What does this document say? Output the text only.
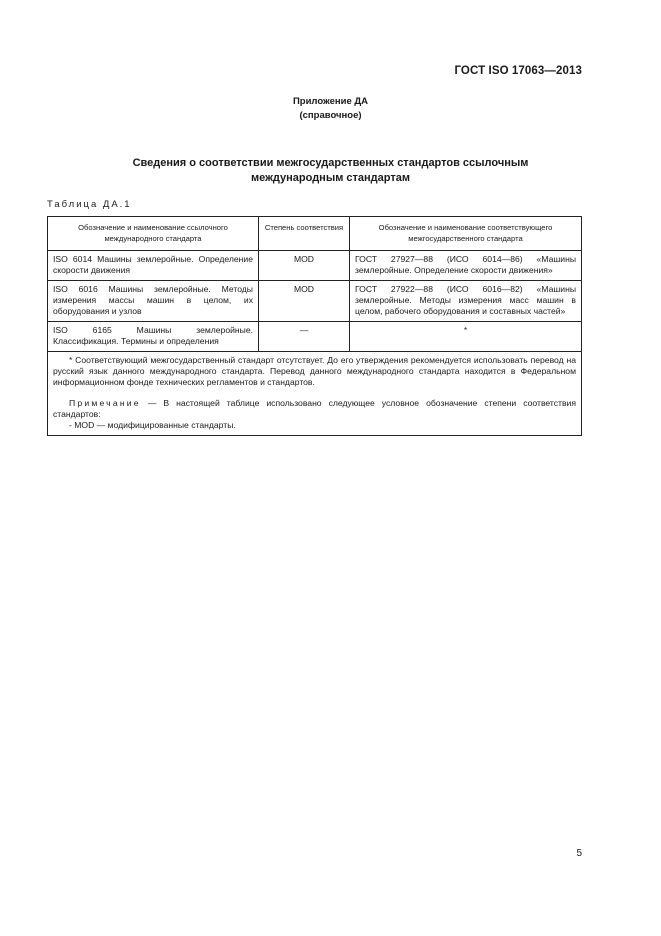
ГОСТ ISO 17063—2013
Приложение ДА
(справочное)
Сведения о соответствии межгосударственных стандартов ссылочным
международным стандартам
Таблица ДА.1
Обозначение и наименование ссылочного международного стандарта	Степень соответствия	Обозначение и наименование соответствующего межгосударственного стандарта
ISO 6014 Машины землеройные. Определение скорости движения	MOD	ГОСТ 27927—88 (ИСО 6014—86) «Машины землеройные. Определение скорости движения»
ISO 6016 Машины землеройные. Методы измерения массы машин в целом, их оборудования и узлов	MOD	ГОСТ 27922—88 (ИСО 6016—82) «Машины землеройные. Методы измерения масс машин в целом, рабочего оборудования и составных частей»
ISO 6165 Машины землеройные. Классификация. Термины и определения	—	*

* Соответствующий межгосударственный стандарт отсутствует. До его утверждения рекомендуется использовать перевод на русский язык данного международного стандарта. Перевод данного международного стандарта находится в Федеральном информационном фонде технических регламентов и стандартов.

Примечание — В настоящей таблице использовано следующее условное обозначение степени соответствия стандартов:

- MOD — модифицированные стандарты.		

5
